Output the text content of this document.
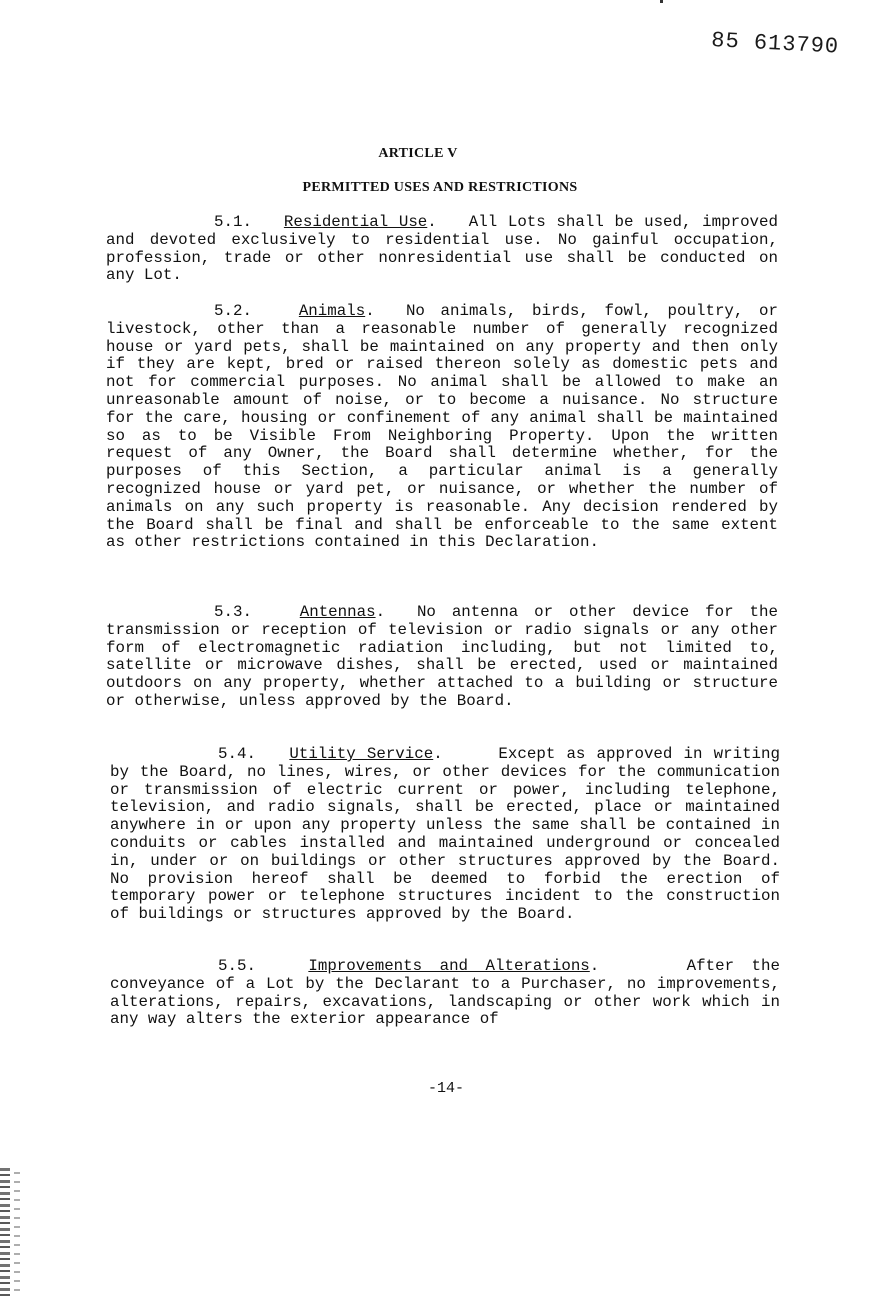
85 613790
ARTICLE V
PERMITTED USES AND RESTRICTIONS
5.1. Residential Use.   All Lots shall be used, improved and devoted exclusively to residential use. No gainful occupation, profession, trade or other nonresidential use shall be conducted on any Lot.
5.2.	Animals.  No animals, birds, fowl, poultry, or livestock, other than a reasonable number of generally recognized house or yard pets, shall be maintained on any property and then only if they are kept, bred or raised thereon solely as domestic pets and not for commercial purposes. No animal shall be allowed to make an unreasonable amount of noise, or to become a nuisance. No structure for the care, housing or confinement of any animal shall be maintained so as to be Visible From Neighboring Property. Upon the written request of any Owner, the Board shall determine whether, for the purposes of this Section, a particular animal is a generally recognized house or yard pet, or nuisance, or whether the number of animals on any such property is reasonable. Any decision rendered by the Board shall be final and shall be enforceable to the same extent as other restrictions contained in this Declaration.
5.3.	Antennas.  No antenna or other device for the transmission or reception of television or radio signals or any other form of electromagnetic radiation including, but not limited to, satellite or microwave dishes, shall be erected, used or maintained outdoors on any property, whether attached to a building or structure or otherwise, unless approved by the Board.
5.4. Utility Service.     Except as approved in writing by the Board, no lines, wires, or other devices for the communication or transmission of electric current or power, including telephone, television, and radio signals, shall be erected, place or maintained anywhere in or upon any property unless the same shall be contained in conduits or cables installed and maintained underground or concealed in, under or on buildings or other structures approved by the Board. No provision hereof shall be deemed to forbid the erection of temporary power or telephone structures incident to the construction of buildings or structures approved by the Board.
5.5.	Improvements and Alterations.     After the conveyance of a Lot by the Declarant to a Purchaser, no improvements, alterations, repairs, excavations, landscaping or other work which in any way alters the exterior appearance of
-14-
